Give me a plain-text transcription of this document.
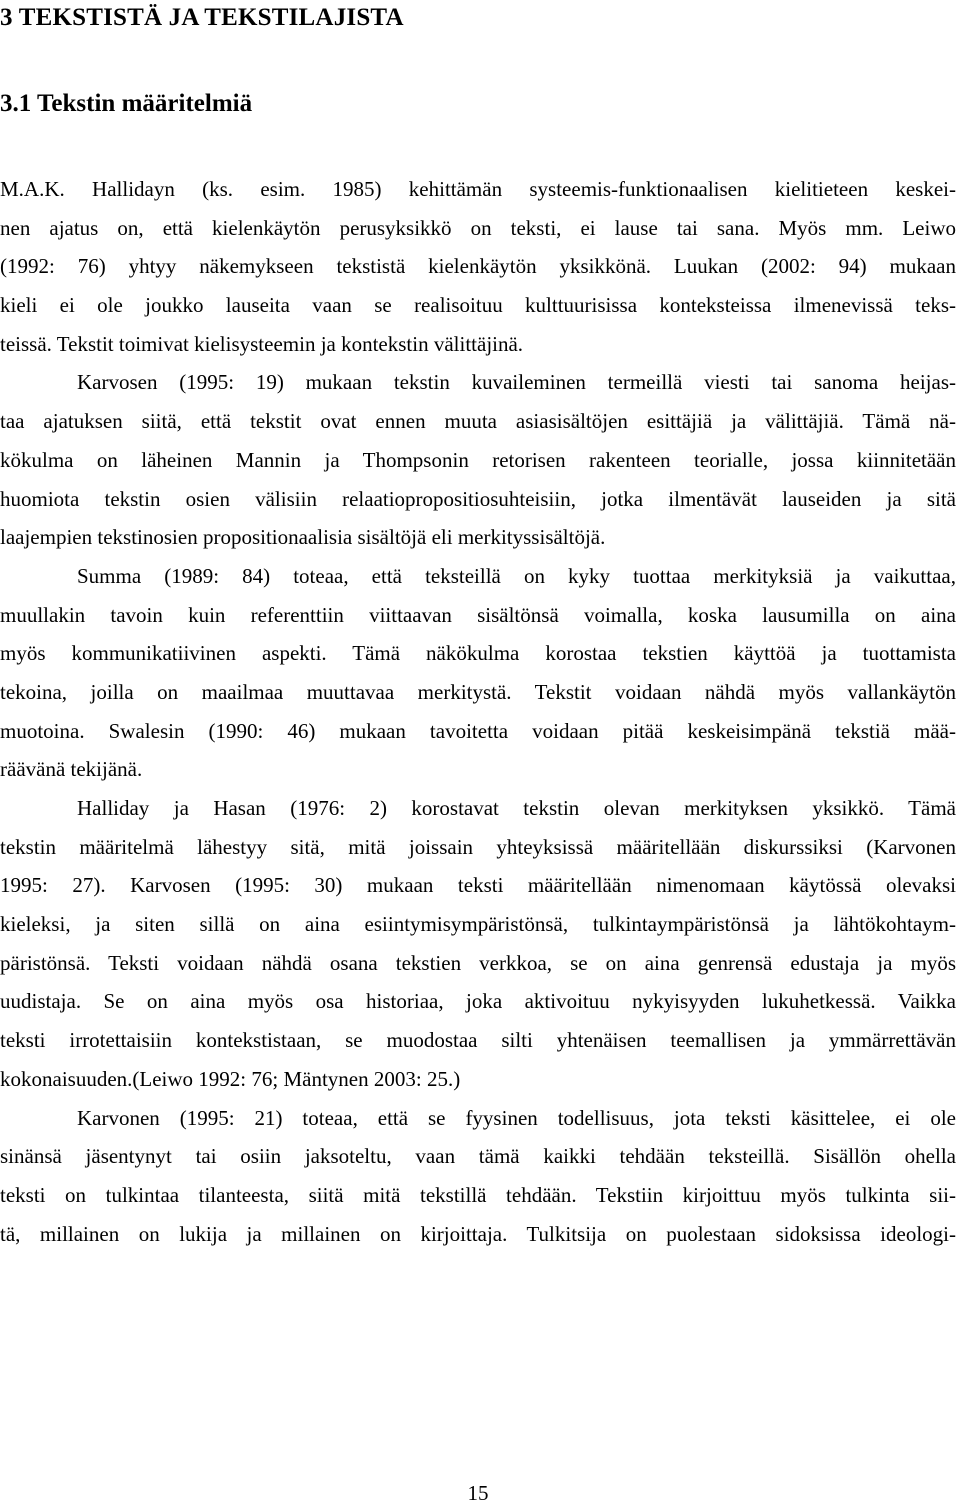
3 TEKSTISTÄ JA TEKSTILAJISTA
3.1 Tekstin määritelmiä
M.A.K. Hallidayn (ks. esim. 1985) kehittämän systeemis-funktionaalisen kielitieteen keskei-
nen ajatus on, että kielenkäytön perusyksikkö on teksti, ei lause tai sana. Myös mm. Leiwo
(1992: 76) yhtyy näkemykseen tekstistä kielenkäytön yksikkönä. Luukan (2002: 94) mukaan
kieli ei ole joukko lauseita vaan se realisoituu kulttuurisissa konteksteissa ilmenevissä teks-
teissä. Tekstit toimivat kielisysteemin ja kontekstin välittäjinä.
Karvosen (1995: 19) mukaan tekstin kuvaileminen termeillä viesti tai sanoma heijas-
taa ajatuksen siitä, että tekstit ovat ennen muuta asiasisältöjen esittäjiä ja välittäjiä. Tämä nä-
kökulma on läheinen Mannin ja Thompsonin retorisen rakenteen teorialle, jossa kiinnitetään
huomiota tekstin osien välisiin relaatiopropositiosuhteisiin, jotka ilmentävät lauseiden ja sitä
laajempien tekstinosien propositionaalisia sisältöjä eli merkityssisältöjä.
Summa (1989: 84) toteaa, että teksteillä on kyky tuottaa merkityksiä ja vaikuttaa,
muullakin tavoin kuin referenttiin viittaavan sisältönsä voimalla, koska lausumilla on aina
myös kommunikatiivinen aspekti. Tämä näkökulma korostaa tekstien käyttöä ja tuottamista
tekoina, joilla on maailmaa muuttavaa merkitystä. Tekstit voidaan nähdä myös vallankäytön
muotoina. Swalesin (1990: 46) mukaan tavoitetta voidaan pitää keskeisimpänä tekstiä mää-
räävänä tekijänä.
Halliday ja Hasan (1976: 2) korostavat tekstin olevan merkityksen yksikkö. Tämä
tekstin määritelmä lähestyy sitä, mitä joissain yhteyksissä määritellään diskurssiksi (Karvonen
1995: 27). Karvosen (1995: 30) mukaan teksti määritellään nimenomaan käytössä olevaksi
kieleksi, ja siten sillä on aina esiintymisympäristönsä, tulkintaympäristönsä ja lähtökohtaym-
päristönsä. Teksti voidaan nähdä osana tekstien verkkoa, se on aina genrensä edustaja ja myös
uudistaja. Se on aina myös osa historiaa, joka aktivoituu nykyisyyden lukuhetkessä. Vaikka
teksti irrotettaisiin kontekstistaan, se muodostaa silti yhtenäisen teemallisen ja ymmärrettävän
kokonaisuuden.(Leiwo 1992: 76; Mäntynen 2003: 25.)
Karvonen (1995: 21) toteaa, että se fyysinen todellisuus, jota teksti käsittelee, ei ole
sinänsä jäsentynyt tai osiin jaksoteltu, vaan tämä kaikki tehdään teksteillä. Sisällön ohella
teksti on tulkintaa tilanteesta, siitä mitä tekstillä tehdään. Tekstiin kirjoittuu myös tulkinta sii-
tä, millainen on lukija ja millainen on kirjoittaja. Tulkitsija on puolestaan sidoksissa ideologi-
15
